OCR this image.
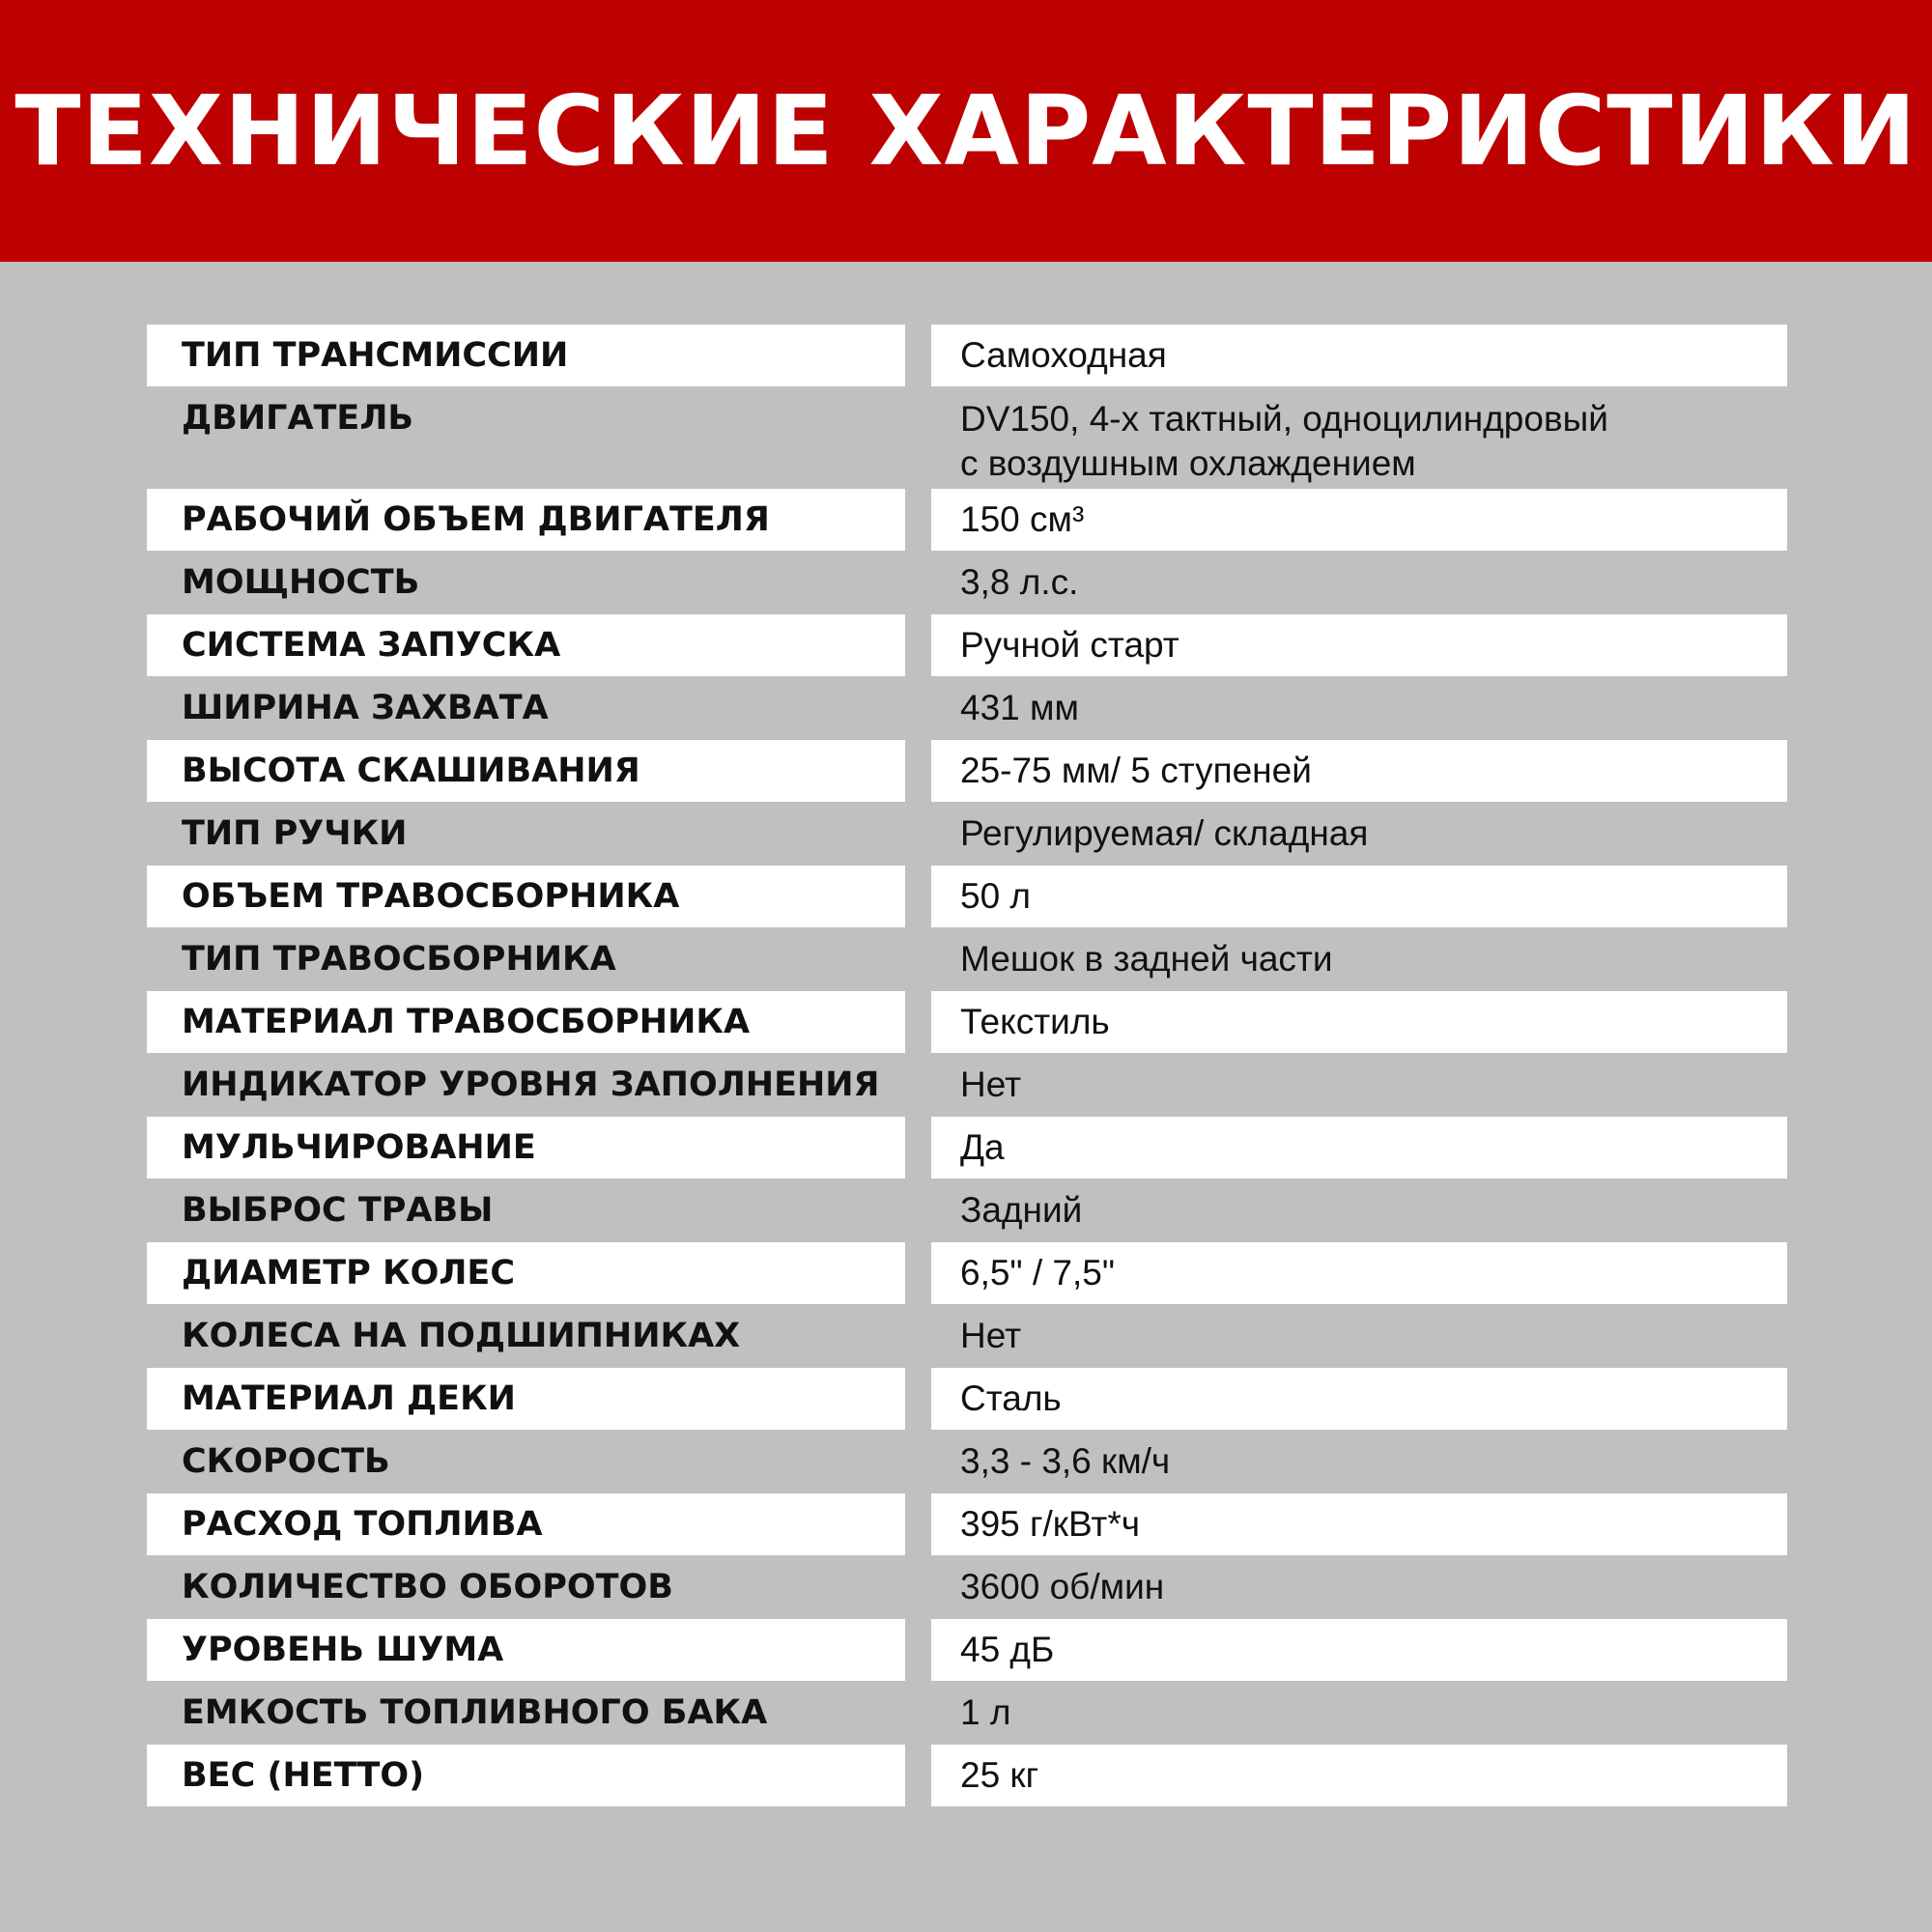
ТЕХНИЧЕСКИЕ ХАРАКТЕРИСТИКИ
ТИП ТРАНСМИССИИ	Самоходная
ДВИГАТЕЛЬ	DV150, 4-х тактный, одноцилиндровый
с воздушным охлаждением
РАБОЧИЙ ОБЪЕМ ДВИГАТЕЛЯ	150 см³
МОЩНОСТЬ	3,8 л.с.
СИСТЕМА ЗАПУСКА	Ручной старт
ШИРИНА ЗАХВАТА	431 мм
ВЫСОТА СКАШИВАНИЯ	25-75 мм/ 5 ступеней
ТИП РУЧКИ	Регулируемая/ складная
ОБЪЕМ ТРАВОСБОРНИКА	50 л
ТИП ТРАВОСБОРНИКА	Мешок в задней части
МАТЕРИАЛ ТРАВОСБОРНИКА	Текстиль
ИНДИКАТОР УРОВНЯ ЗАПОЛНЕНИЯ	Нет
МУЛЬЧИРОВАНИЕ	Да
ВЫБРОС ТРАВЫ	Задний
ДИАМЕТР КОЛЕС	6,5" / 7,5"
КОЛЕСА НА ПОДШИПНИКАХ	Нет
МАТЕРИАЛ ДЕКИ	Сталь
СКОРОСТЬ	3,3 - 3,6 км/ч
РАСХОД ТОПЛИВА	395 г/кВт*ч
КОЛИЧЕСТВО ОБОРОТОВ	3600 об/мин
УРОВЕНЬ ШУМА	45 дБ
ЕМКОСТЬ ТОПЛИВНОГО БАКА	1 л
ВЕС (НЕТТО)	25 кг
